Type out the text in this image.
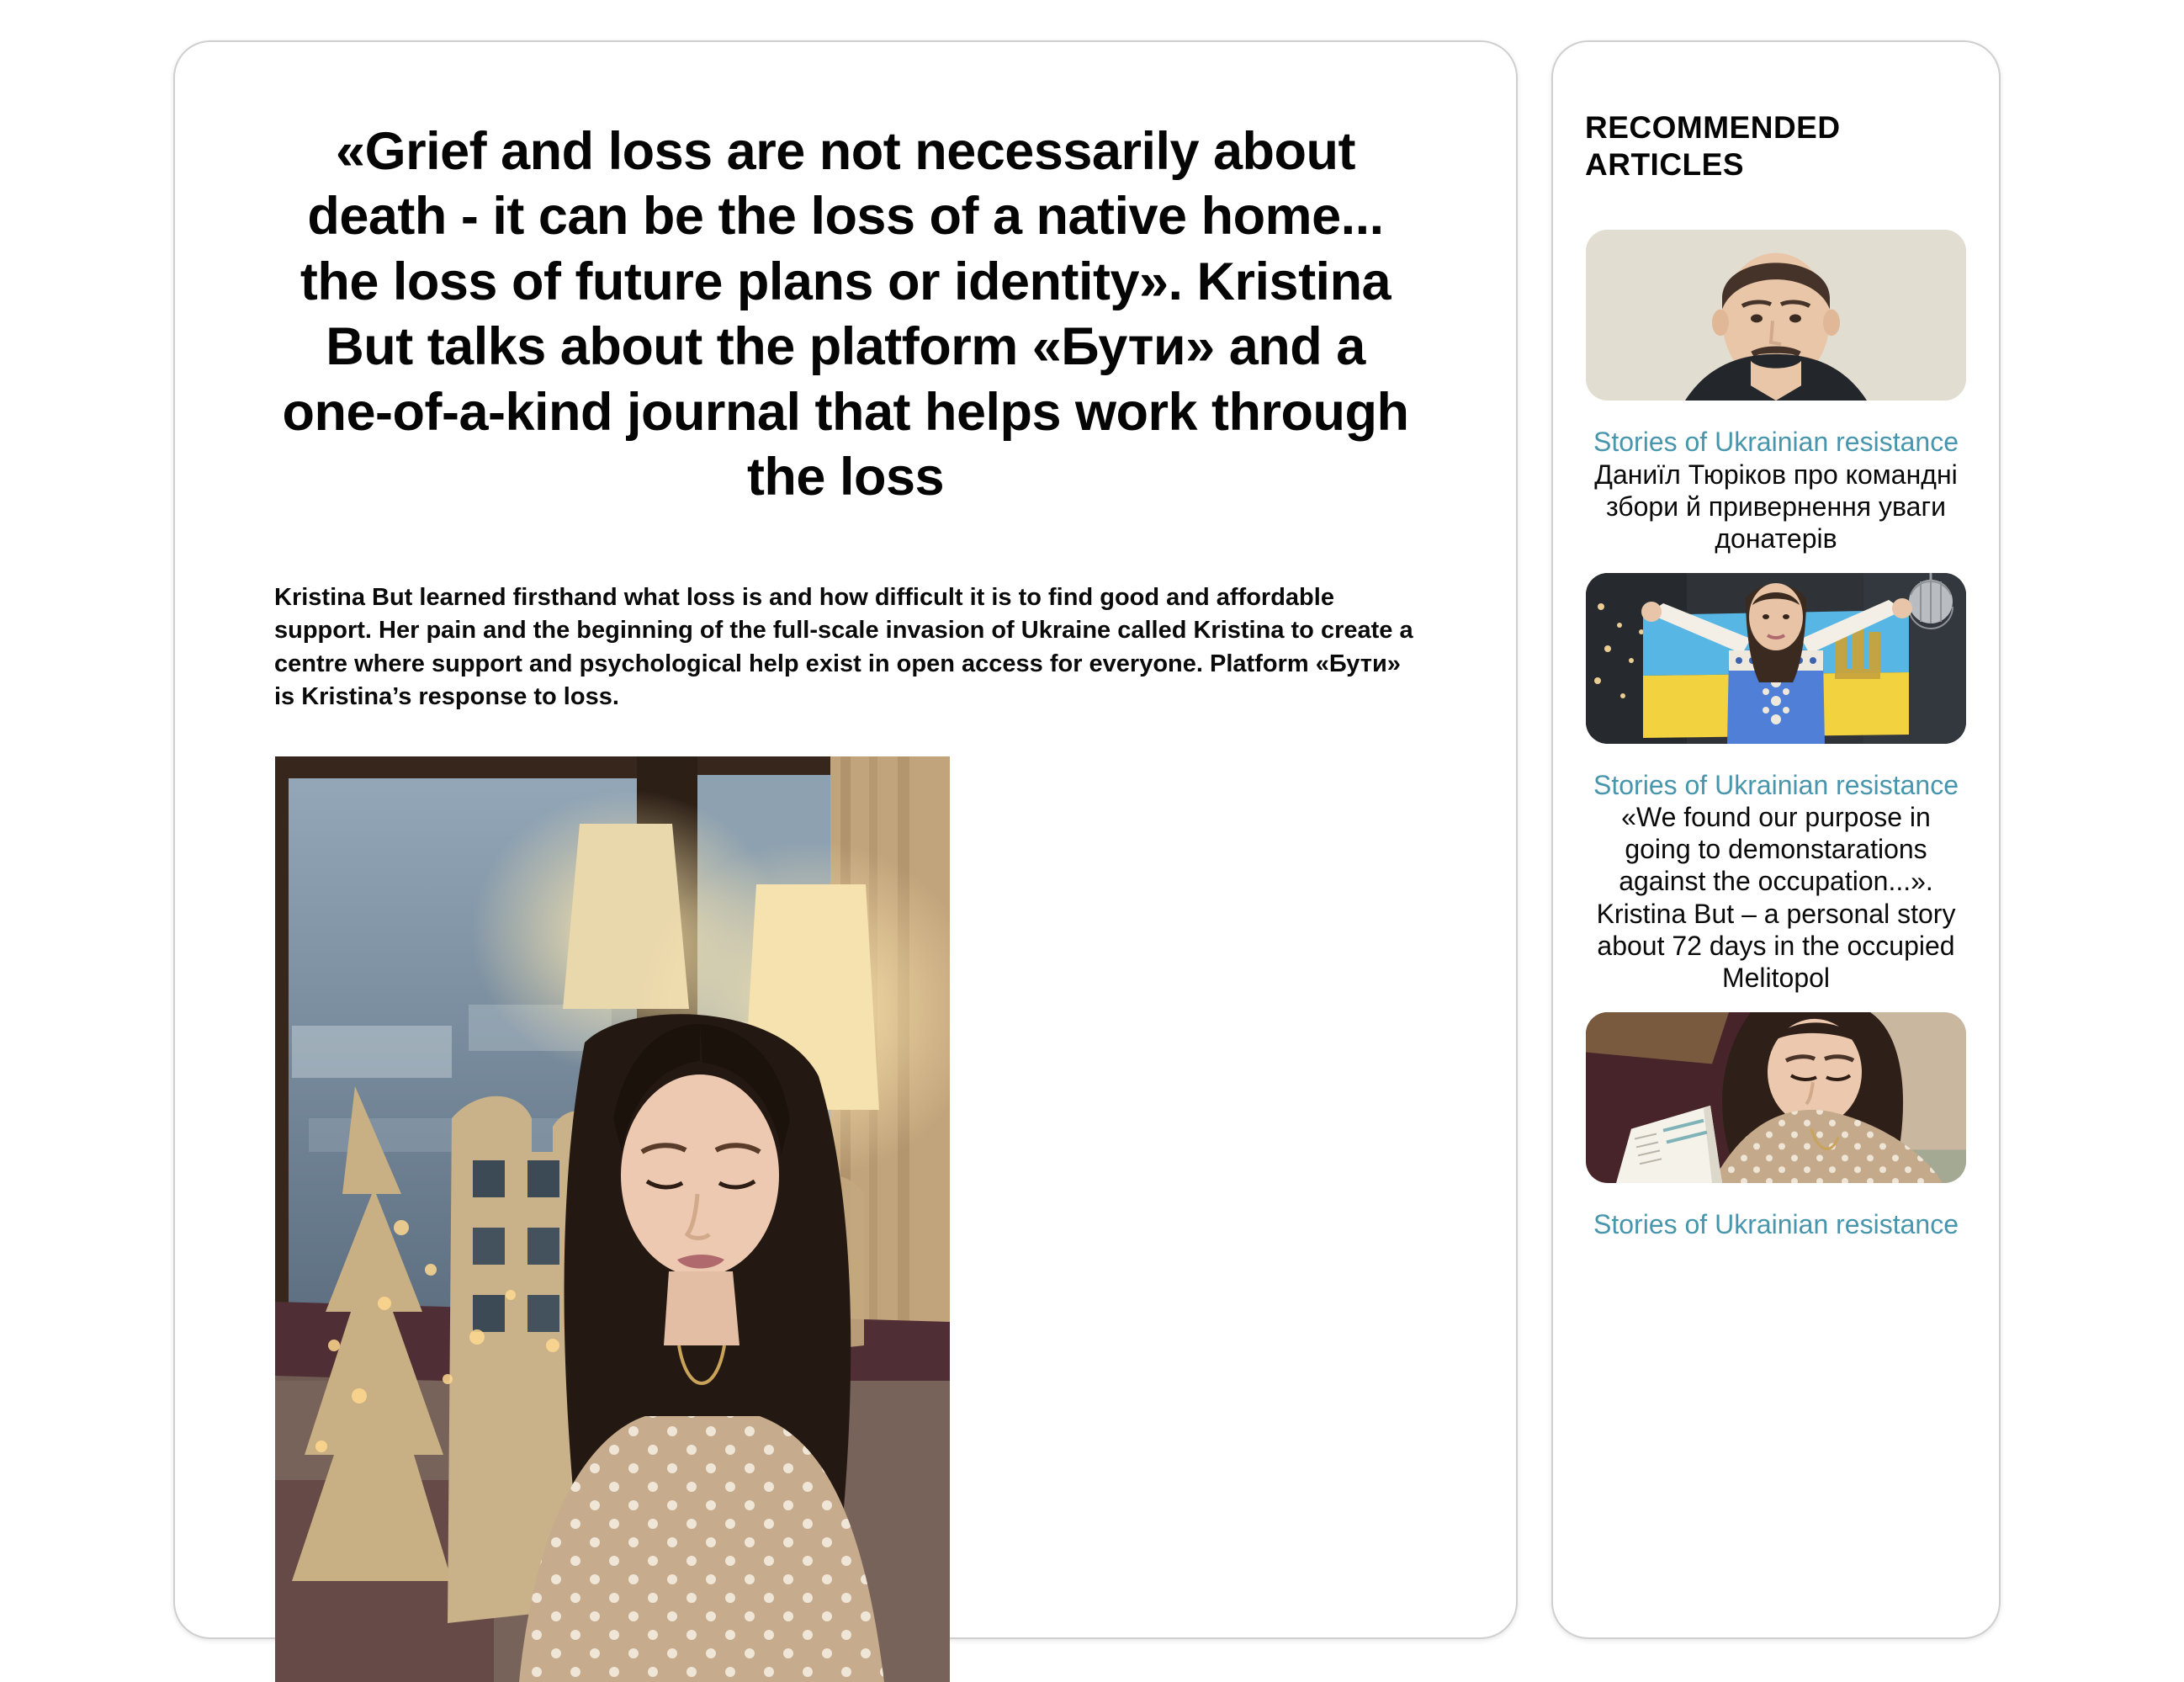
«Grief and loss are not necessarily about death - it can be the loss of a native home... the loss of future plans or identity». Kristina But talks about the platform «Бути» and a one-of-a-kind journal that helps work through the loss

Kristina But learned firsthand what loss is and how difficult it is to find good and affordable support. Her pain and the beginning of the full-scale invasion of Ukraine called Kristina to create a centre where support and psychological help exist in open access for everyone. Platform «Бути» is Kristina’s response to loss.

RECOMMENDED ARTICLES
Stories of Ukrainian resistance

Даниїл Тюріков про командні збори й привернення уваги донатерів

Stories of Ukrainian resistance

«We found our purpose in going to demonstarations against the occupation...». Kristina But – a personal story about 72 days in the occupied Melitopol

Stories of Ukrainian resistance
